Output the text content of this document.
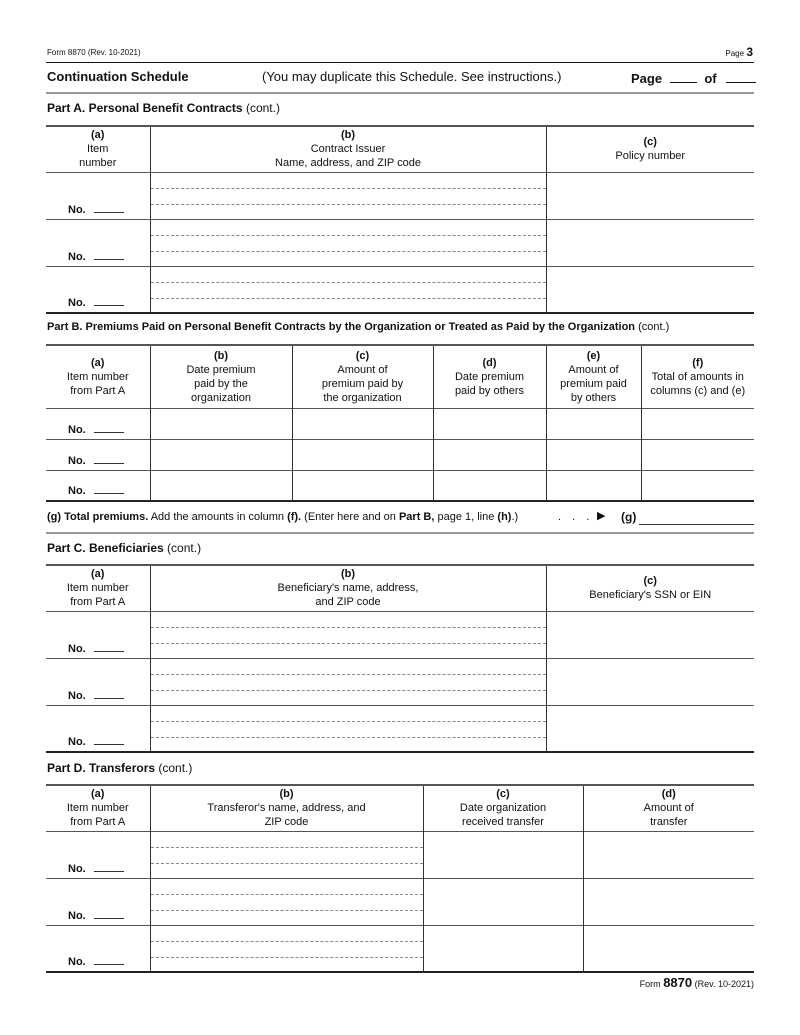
Form 8870 (Rev. 10-2021)	Page 3
Continuation Schedule	(You may duplicate this Schedule. See instructions.)	Page	of
Part A. Personal Benefit Contracts (cont.)
(a)
Item
number	(b)
Contract Issuer
Name, address, and ZIP code	(c)
Policy number

No.		

No.		

No.		

Part B. Premiums Paid on Personal Benefit Contracts by the Organization or Treated as Paid by the Organization (cont.)
(a)
Item number
from Part A	(b)
Date premium
paid by the
organization	(c)
Amount of
premium paid by
the organization	(d)
Date premium
paid by others	(e)
Amount of
premium paid
by others	(f)
Total of amounts in
columns (c) and (e)

No.					

No.					

No.					

(g) Total premiums. Add the amounts in column (f). (Enter here and on Part B, page 1, line (h).)	. . . ▶ (g)
Part C. Beneficiaries (cont.)
(a)
Item number
from Part A	(b)
Beneficiary's name, address,
and ZIP code	(c)
Beneficiary's SSN or EIN

No.		

No.		

No.		

Part D. Transferors (cont.)
(a)
Item number
from Part A	(b)
Transferor's name, address, and
ZIP code	(c)
Date organization
received transfer	(d)
Amount of
transfer

No.			

No.			

No.			

Form 8870 (Rev. 10-2021)
